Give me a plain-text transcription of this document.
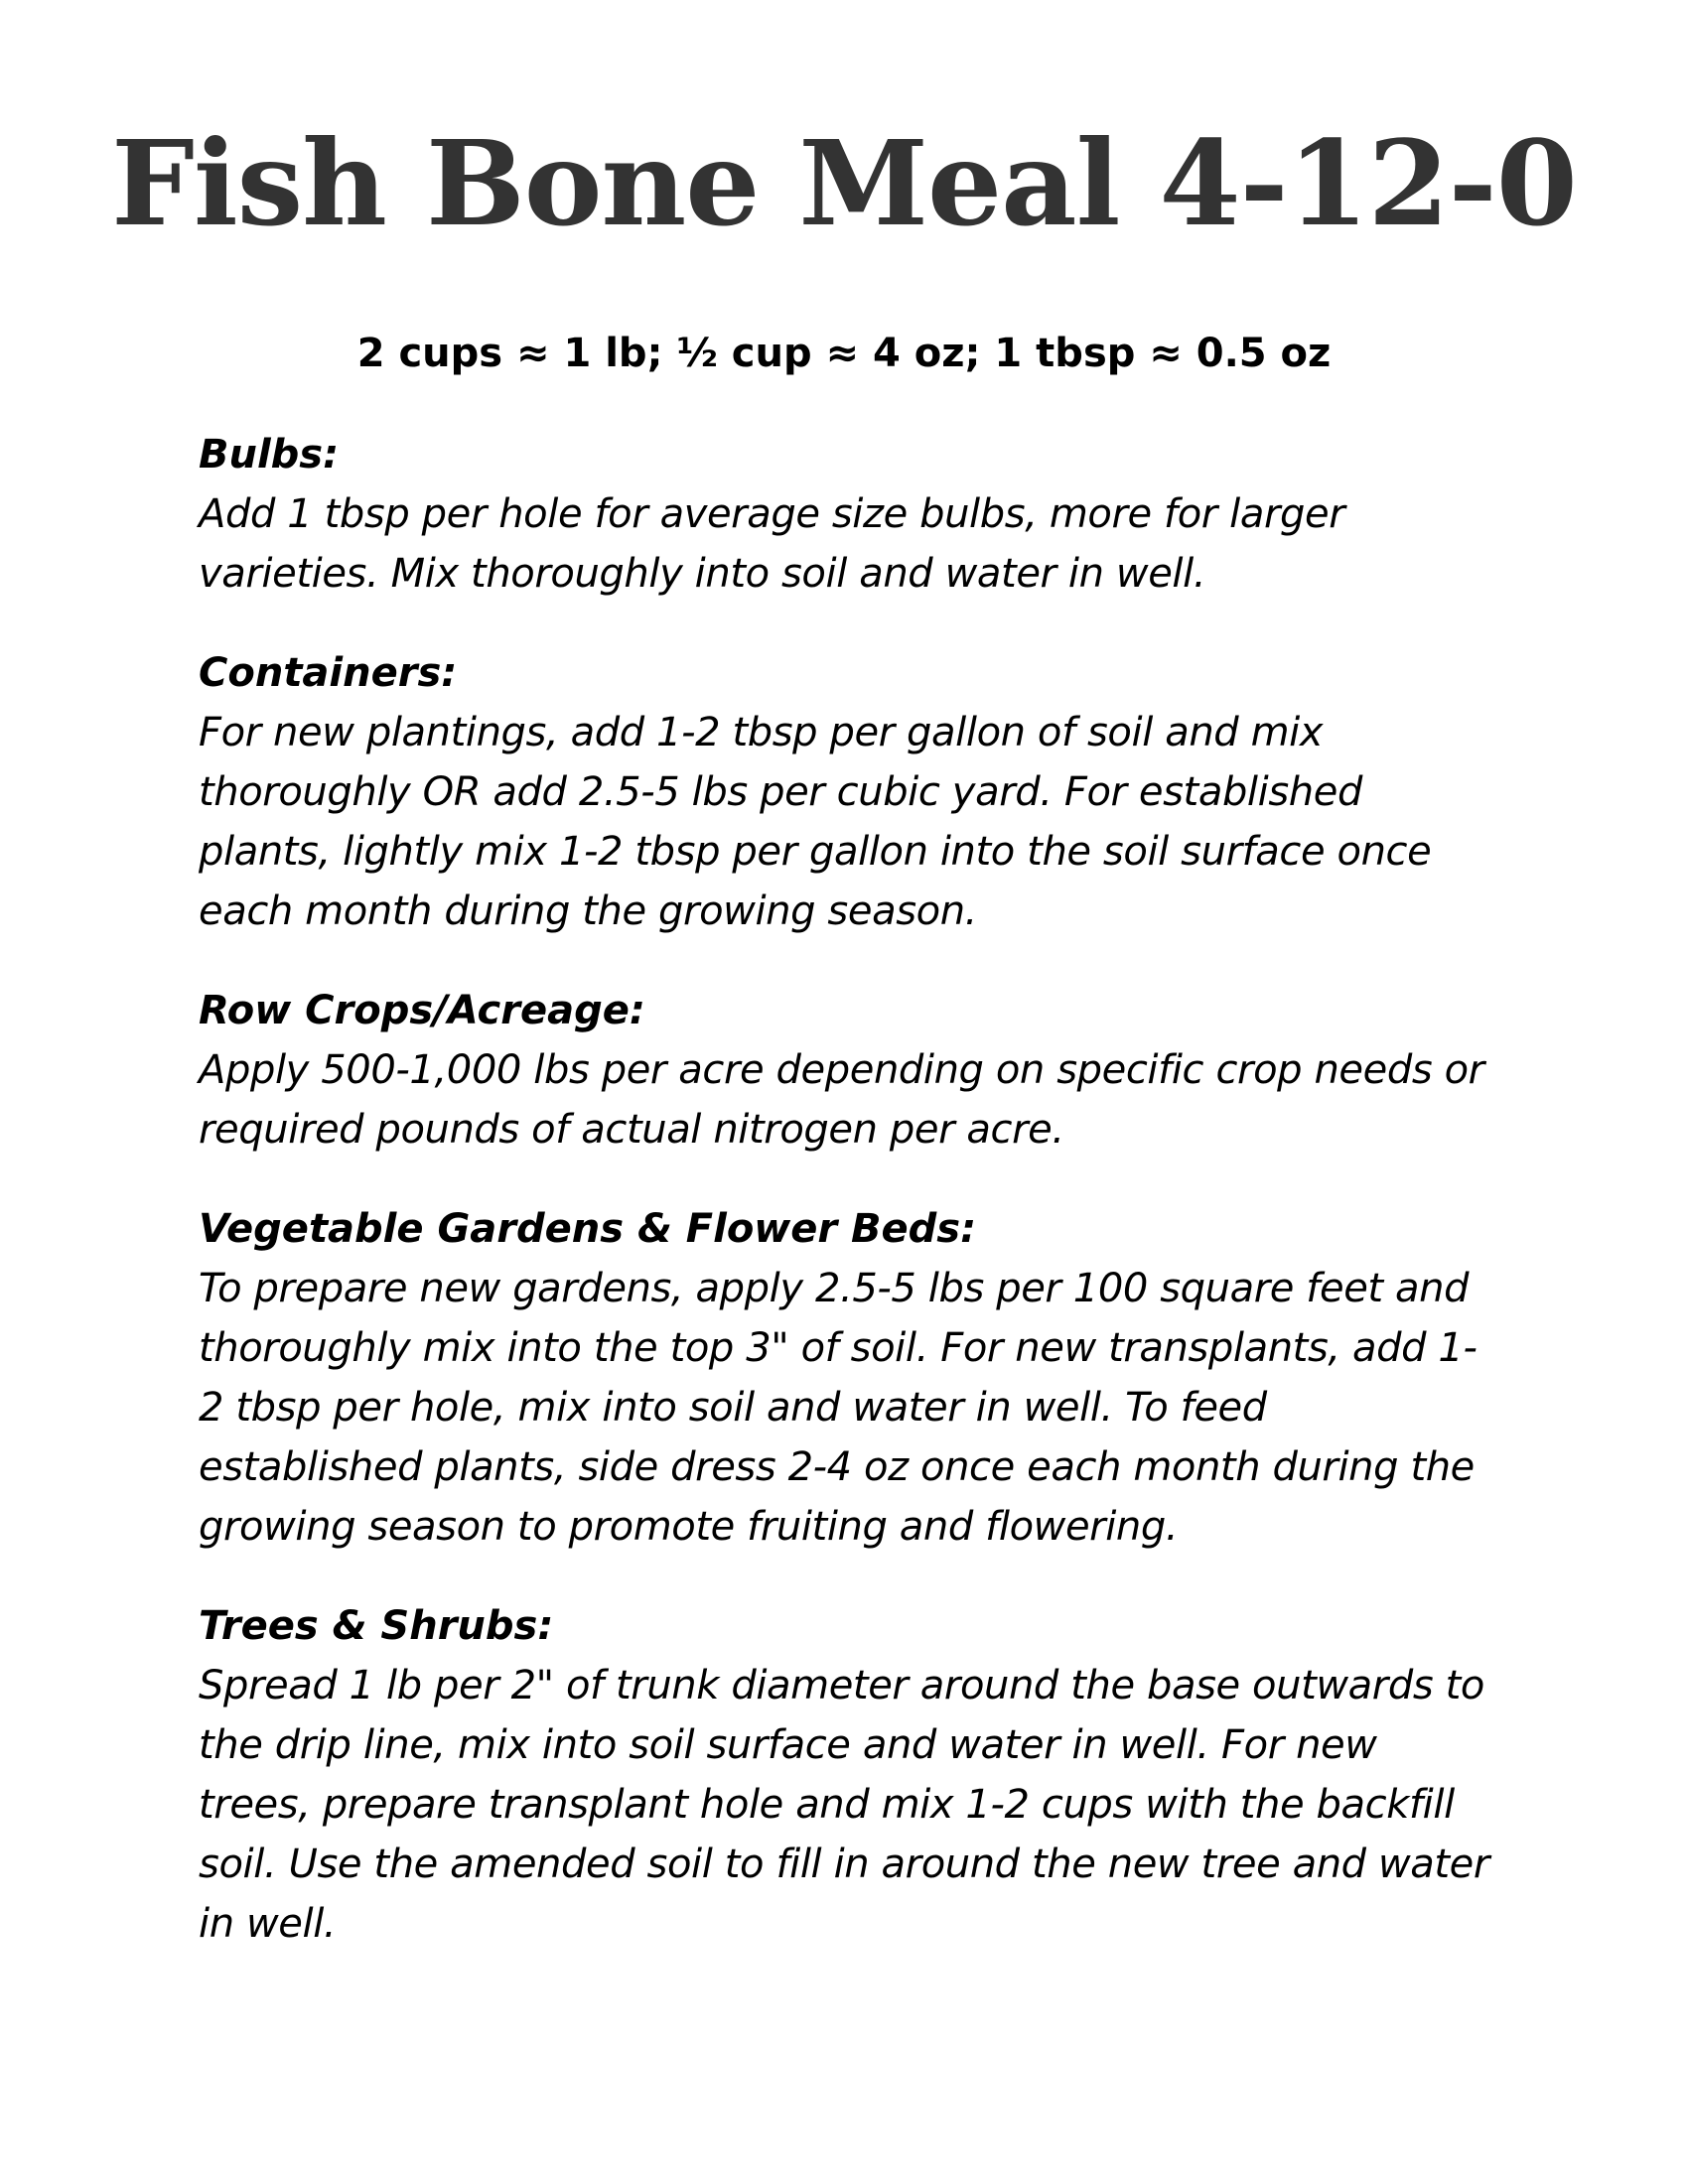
Fish Bone Meal 4-12-0

2 cups ≈ 1 lb; ½ cup ≈ 4 oz; 1 tbsp ≈ 0.5 oz

Bulbs:

Add 1 tbsp per hole for average size bulbs, more for larger varieties. Mix thoroughly into soil and water in well.

Containers:

For new plantings, add 1-2 tbsp per gallon of soil and mix thoroughly OR add 2.5-5 lbs per cubic yard. For established plants, lightly mix 1-2 tbsp per gallon into the soil surface once each month during the growing season.

Row Crops/Acreage:

Apply 500-1,000 lbs per acre depending on specific crop needs or required pounds of actual nitrogen per acre.

Vegetable Gardens & Flower Beds:

To prepare new gardens, apply 2.5-5 lbs per 100 square feet and thoroughly mix into the top 3" of soil. For new transplants, add 1-2 tbsp per hole, mix into soil and water in well. To feed established plants, side dress 2-4 oz once each month during the growing season to promote fruiting and flowering.

Trees & Shrubs:

Spread 1 lb per 2" of trunk diameter around the base outwards to the drip line, mix into soil surface and water in well. For new trees, prepare transplant hole and mix 1-2 cups with the backfill soil. Use the amended soil to fill in around the new tree and water in well.
